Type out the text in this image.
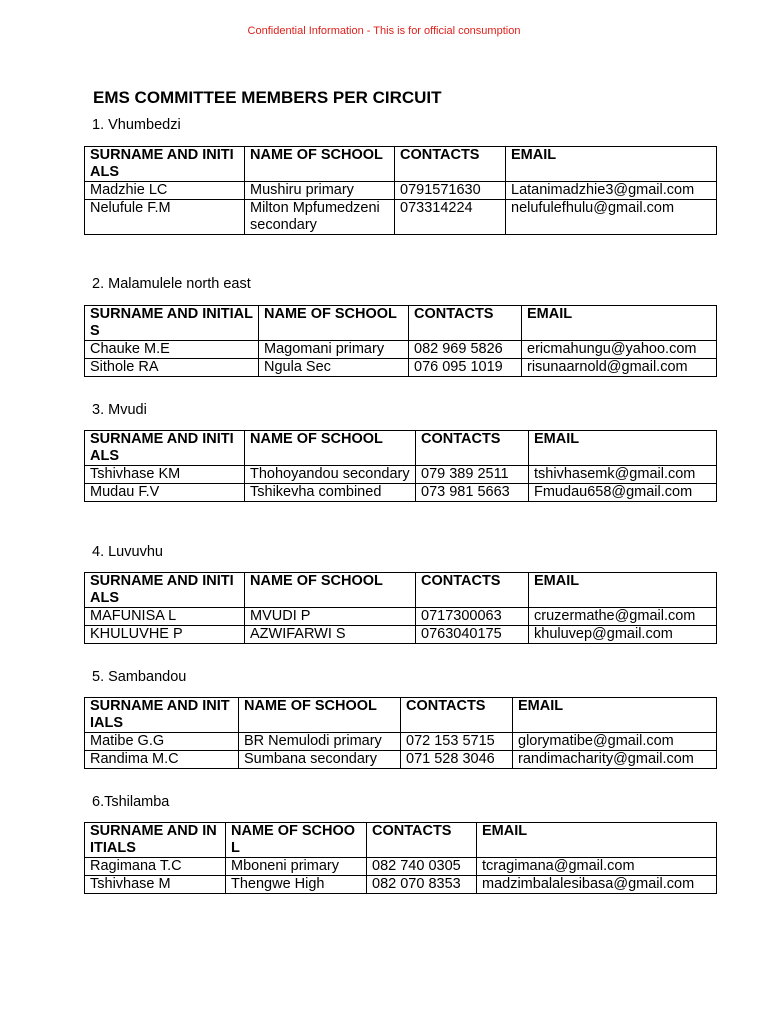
Confidential Information - This is for official consumption
EMS COMMITTEE MEMBERS PER CIRCUIT
1. Vhumbedzi
SURNAME AND INITIALS	NAME OF SCHOOL	CONTACTS	EMAIL
Madzhie LC	Mushiru primary	0791571630	Latanimadzhie3@gmail.com
Nelufule F.M	Milton Mpfumedzeni secondary	073314224	nelufulefhulu@gmail.com
2. Malamulele north east
SURNAME AND INITIALS	NAME OF SCHOOL	CONTACTS	EMAIL
Chauke M.E	Magomani primary	082 969 5826	ericmahungu@yahoo.com
Sithole RA	Ngula Sec	076 095 1019	risunaarnold@gmail.com
3. Mvudi
SURNAME AND INITIALS	NAME OF SCHOOL	CONTACTS	EMAIL
Tshivhase KM	Thohoyandou secondary	079 389 2511	tshivhasemk@gmail.com
Mudau F.V	Tshikevha combined	073 981 5663	Fmudau658@gmail.com
4. Luvuvhu
SURNAME AND INITIALS	NAME OF SCHOOL	CONTACTS	EMAIL
MAFUNISA L	MVUDI P	0717300063	cruzermathe@gmail.com
KHULUVHE P	AZWIFARWI S	0763040175	khuluvep@gmail.com
5. Sambandou
SURNAME AND INITIALS	NAME OF SCHOOL	CONTACTS	EMAIL
Matibe G.G	BR Nemulodi primary	072 153 5715	glorymatibe@gmail.com
Randima M.C	Sumbana secondary	071 528 3046	randimacharity@gmail.com
6.Tshilamba
SURNAME AND INITIALS	NAME OF SCHOOL	CONTACTS	EMAIL
Ragimana T.C	Mboneni primary	082 740 0305	tcragimana@gmail.com
Tshivhase M	Thengwe High	082 070 8353	madzimbalalesibasa@gmail.com
